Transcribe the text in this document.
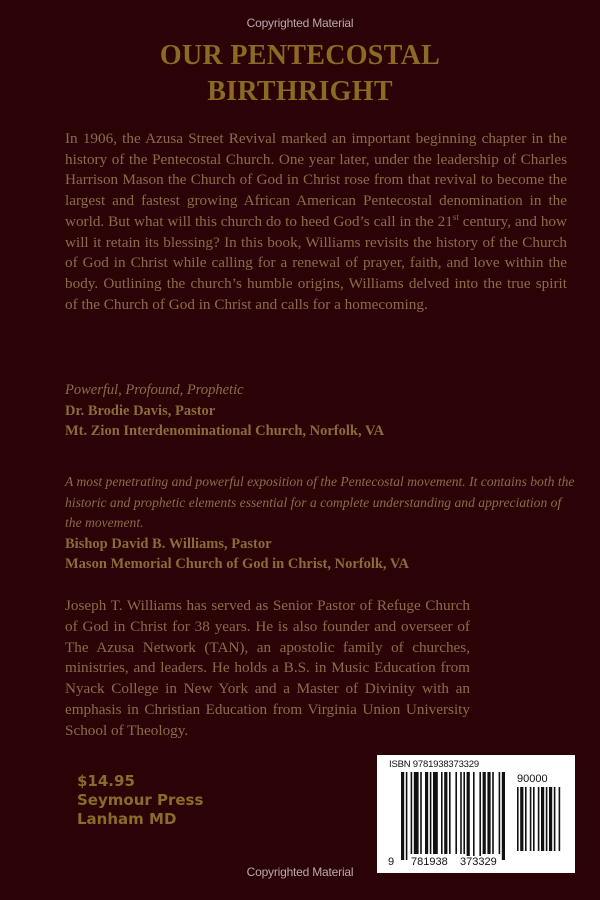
Copyrighted Material
OUR PENTECOSTAL
BIRTHRIGHT

In 1906, the Azusa Street Revival marked an important beginning chapter in the history of the Pentecostal Church. One year later, under the leadership of Charles Harrison Mason the Church of God in Christ rose from that revival to become the largest and fastest growing African American Pentecostal denomination in the world. But what will this church do to heed God’s call in the 21st century, and how will it retain its blessing? In this book, Williams revisits the history of the Church of God in Christ while calling for a renewal of prayer, faith, and love within the body. Outlining the church’s humble origins, Williams delved into the true spirit of the Church of God in Christ and calls for a homecoming.

Powerful, Profound, Prophetic
Dr. Brodie Davis, Pastor
Mt. Zion Interdenominational Church, Norfolk, VA
A most penetrating and powerful exposition of the Pentecostal movement. It contains both the historic and prophetic elements essential for a complete understanding and appreciation of the movement.
Bishop David B. Williams, Pastor
Mason Memorial Church of God in Christ, Norfolk, VA

Joseph T. Williams has served as Senior Pastor of Refuge Church of God in Christ for 38 years. He is also founder and overseer of The Azusa Network (TAN), an apostolic family of churches, ministries, and leaders. He holds a B.S. in Music Education from Nyack College in New York and a Master of Divinity with an emphasis in Christian Education from Virginia Union University School of Theology.

$14.95
Seymour Press
Lanham MD
ISBN 9781938373329
90000
9 781938 373329
Copyrighted Material
